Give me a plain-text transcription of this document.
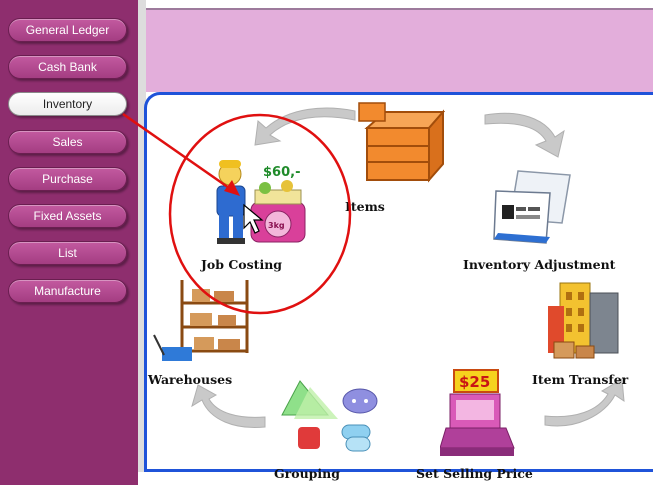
General Ledger
Cash Bank
Inventory
Sales
Purchase
Fixed Assets
List
Manufacture
Items
$60,-
3kg
Job Costing	Inventory Adjustment
Warehouses	Item Transfer
Grouping
$25
Set Selling Price
